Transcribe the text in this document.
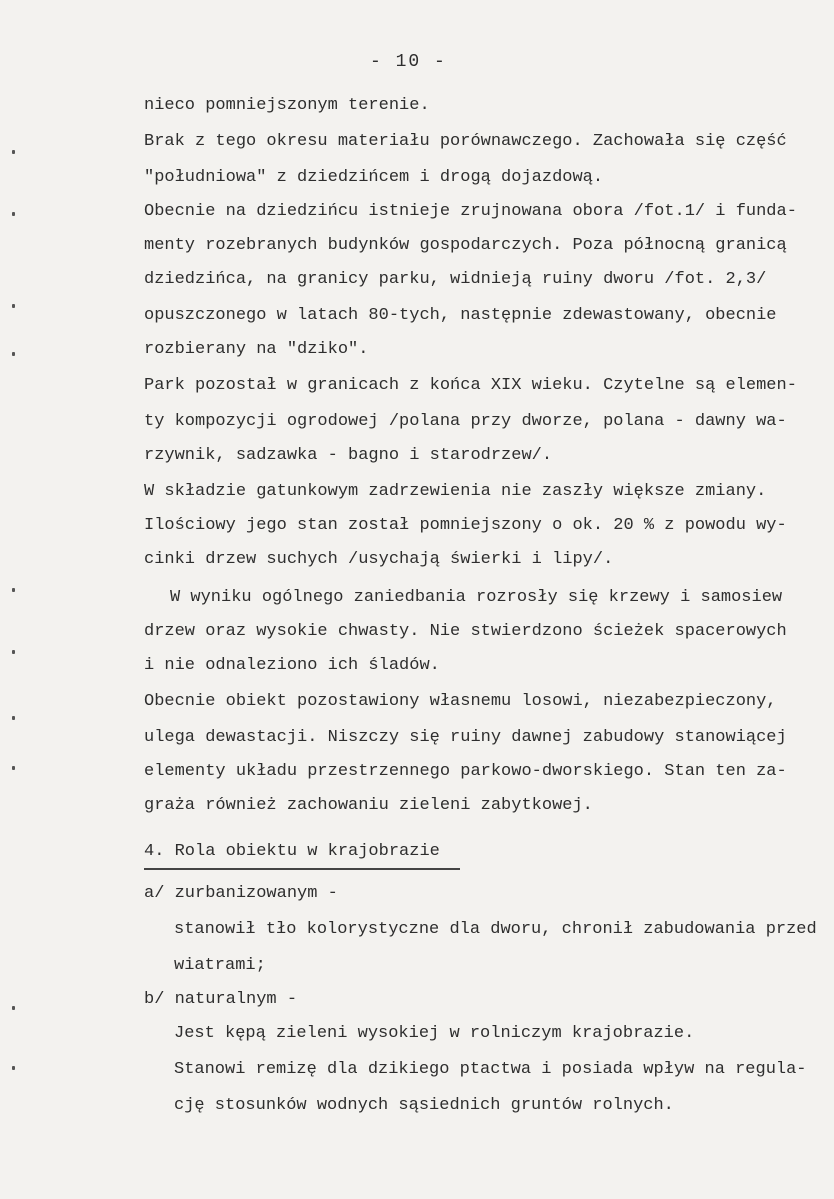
- 10 -
nieco pomniejszonym terenie.
Brak z tego okresu materiału porównawczego. Zachowała się część
"południowa" z dziedzińcem i drogą dojazdową.
Obecnie na dziedzińcu istnieje zrujnowana obora /fot.1/ i funda-
menty rozebranych budynków gospodarczych. Poza północną granicą
dziedzińca, na granicy parku, widnieją ruiny dworu /fot. 2,3/
opuszczonego w latach 80-tych, następnie zdewastowany, obecnie
rozbierany na "dziko".
Park pozostał w granicach z końca XIX wieku. Czytelne są elemen-
ty kompozycji ogrodowej /polana przy dworze, polana - dawny wa-
rzywnik, sadzawka - bagno i starodrzew/.
W składzie gatunkowym zadrzewienia nie zaszły większe zmiany.
Ilościowy jego stan został pomniejszony o ok. 20 % z powodu wy-
cinki drzew suchych /usychają świerki i lipy/.
W wyniku ogólnego zaniedbania rozrosły się krzewy i samosiew
drzew oraz wysokie chwasty. Nie stwierdzono ścieżek spacerowych
i nie odnaleziono ich śladów.
Obecnie obiekt pozostawiony własnemu losowi, niezabezpieczony,
ulega dewastacji. Niszczy się ruiny dawnej zabudowy stanowiącej
elementy układu przestrzennego parkowo-dworskiego. Stan ten za-
graża również zachowaniu zieleni zabytkowej.
4. Rola obiektu w krajobrazie
a/ zurbanizowanym -
stanowił tło kolorystyczne dla dworu, chronił zabudowania przed
wiatrami;
b/ naturalnym -
Jest kępą zieleni wysokiej w rolniczym krajobrazie.
Stanowi remizę dla dzikiego ptactwa i posiada wpływ na regula-
cję stosunków wodnych sąsiednich gruntów rolnych.
